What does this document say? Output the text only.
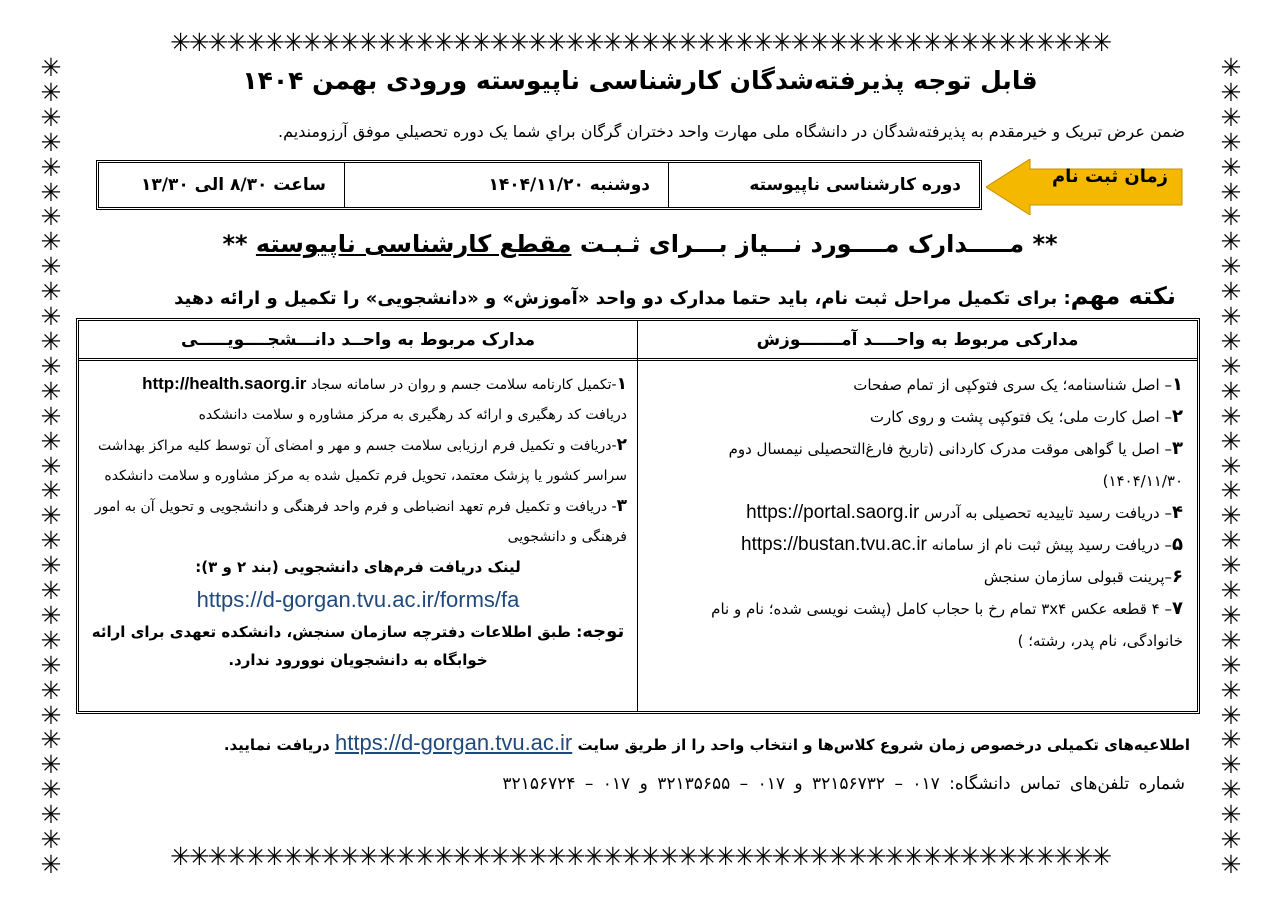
✳✳✳✳✳✳✳✳✳✳✳✳✳✳✳✳✳✳✳✳✳✳✳✳✳✳✳✳✳✳✳✳✳✳✳✳✳✳✳✳✳✳✳✳✳✳✳✳✳✳
✳✳✳✳✳✳✳✳✳✳✳✳✳✳✳✳✳✳✳✳✳✳✳✳✳✳✳✳✳✳✳✳✳✳✳✳✳✳✳✳✳✳✳✳✳✳✳✳✳✳
✳
✳
✳
✳
✳
✳
✳
✳
✳
✳
✳
✳
✳
✳
✳
✳
✳
✳
✳
✳
✳
✳
✳
✳
✳
✳
✳
✳
✳
✳
✳
✳
✳
✳
✳
✳
✳
✳
✳
✳
✳
✳
✳
✳
✳
✳
✳
✳
✳
✳
✳
✳
✳
✳
✳
✳
✳
✳
✳
✳
✳
✳
✳
✳
✳
✳
قابل توجه پذیرفته‌شدگان کارشناسی ناپیوسته ورودی بهمن ۱۴۰۴
ضمن عرض تبریک و خیرمقدم به پذیرفته‌شدگان در دانشگاه ملی مهارت واحد دختران گرگان براي شما یک دوره تحصيلي موفق آرزومندیم.
دوره کارشناسی ناپیوسته
دوشنبه ۱۴۰۴/۱۱/۲۰
ساعت ۸/۳۰ الی ۱۳/۳۰	زمان ثبت نام
** مـــــدارک مــــورد نـــیاز بـــرای ثـبـت مقطع کارشناسی ناپیوسته **
نکته مهم: برای تکمیل مراحل ثبت نام، باید حتما مدارک دو واحد «آموزش» و «دانشجویی» را تکمیل و ارائه دهید
مدارکی مربوط به واحــــد آمـــــــوزش
۱– اصل شناسنامه؛ یک سری فتوکپی از تمام صفحات
۲– اصل کارت ملی؛ یک فتوکپی پشت و روی کارت
۳– اصل یا گواهی موقت مدرک کاردانی (تاریخ فارغ‌التحصیلی نیمسال دوم ۱۴۰۴/۱۱/۳۰)
۴– دریافت رسید تاییدیه تحصیلی به آدرس https://portal.saorg.ir
۵– دریافت رسید پیش ثبت نام از سامانه https://bustan.tvu.ac.ir
۶–پرینت قبولی سازمان سنجش
۷– ۴ قطعه عکس ۳x۴ تمام رخ با حجاب کامل (پشت نویسی شده؛ نام و نام خانوادگی، نام پدر، رشته؛ )
مدارک مربوط به واحــد دانـــشجــــویـــــی
۱-تکمیل کارنامه سلامت جسم و روان در سامانه سجاد http://health.saorg.ir
دریافت کد رهگیری و ارائه کد رهگیری به مرکز مشاوره و سلامت دانشکده
۲-دریافت و تکمیل فرم ارزیابی سلامت جسم و مهر و امضای آن توسط کلیه مراکز بهداشت سراسر کشور یا پزشک معتمد، تحویل فرم تکمیل شده به مرکز مشاوره و سلامت دانشکده
۳- دریافت و تکمیل فرم تعهد انضباطی و فرم واحد فرهنگی و دانشجویی و تحویل آن به امور فرهنگی و دانشجویی
لینک دریافت فرم‌های دانشجویی (بند ۲ و ۳):
https://d-gorgan.tvu.ac.ir/forms/fa
توجه: طبق اطلاعات دفترچه سازمان سنجش، دانشکده تعهدی برای ارائه خوابگاه به دانشجویان نوورود ندارد.
اطلاعیه‌های تکمیلی درخصوص زمان شروع کلاس‌ها و انتخاب واحد را از طریق سایت https://d-gorgan.tvu.ac.ir دریافت نمایید.
شماره تلفن‌های تماس دانشگاه: ۰۱۷ – ۳۲۱۵۶۷۳۲ و ۰۱۷ – ۳۲۱۳۵۶۵۵ و ۰۱۷ – ۳۲۱۵۶۷۲۴
